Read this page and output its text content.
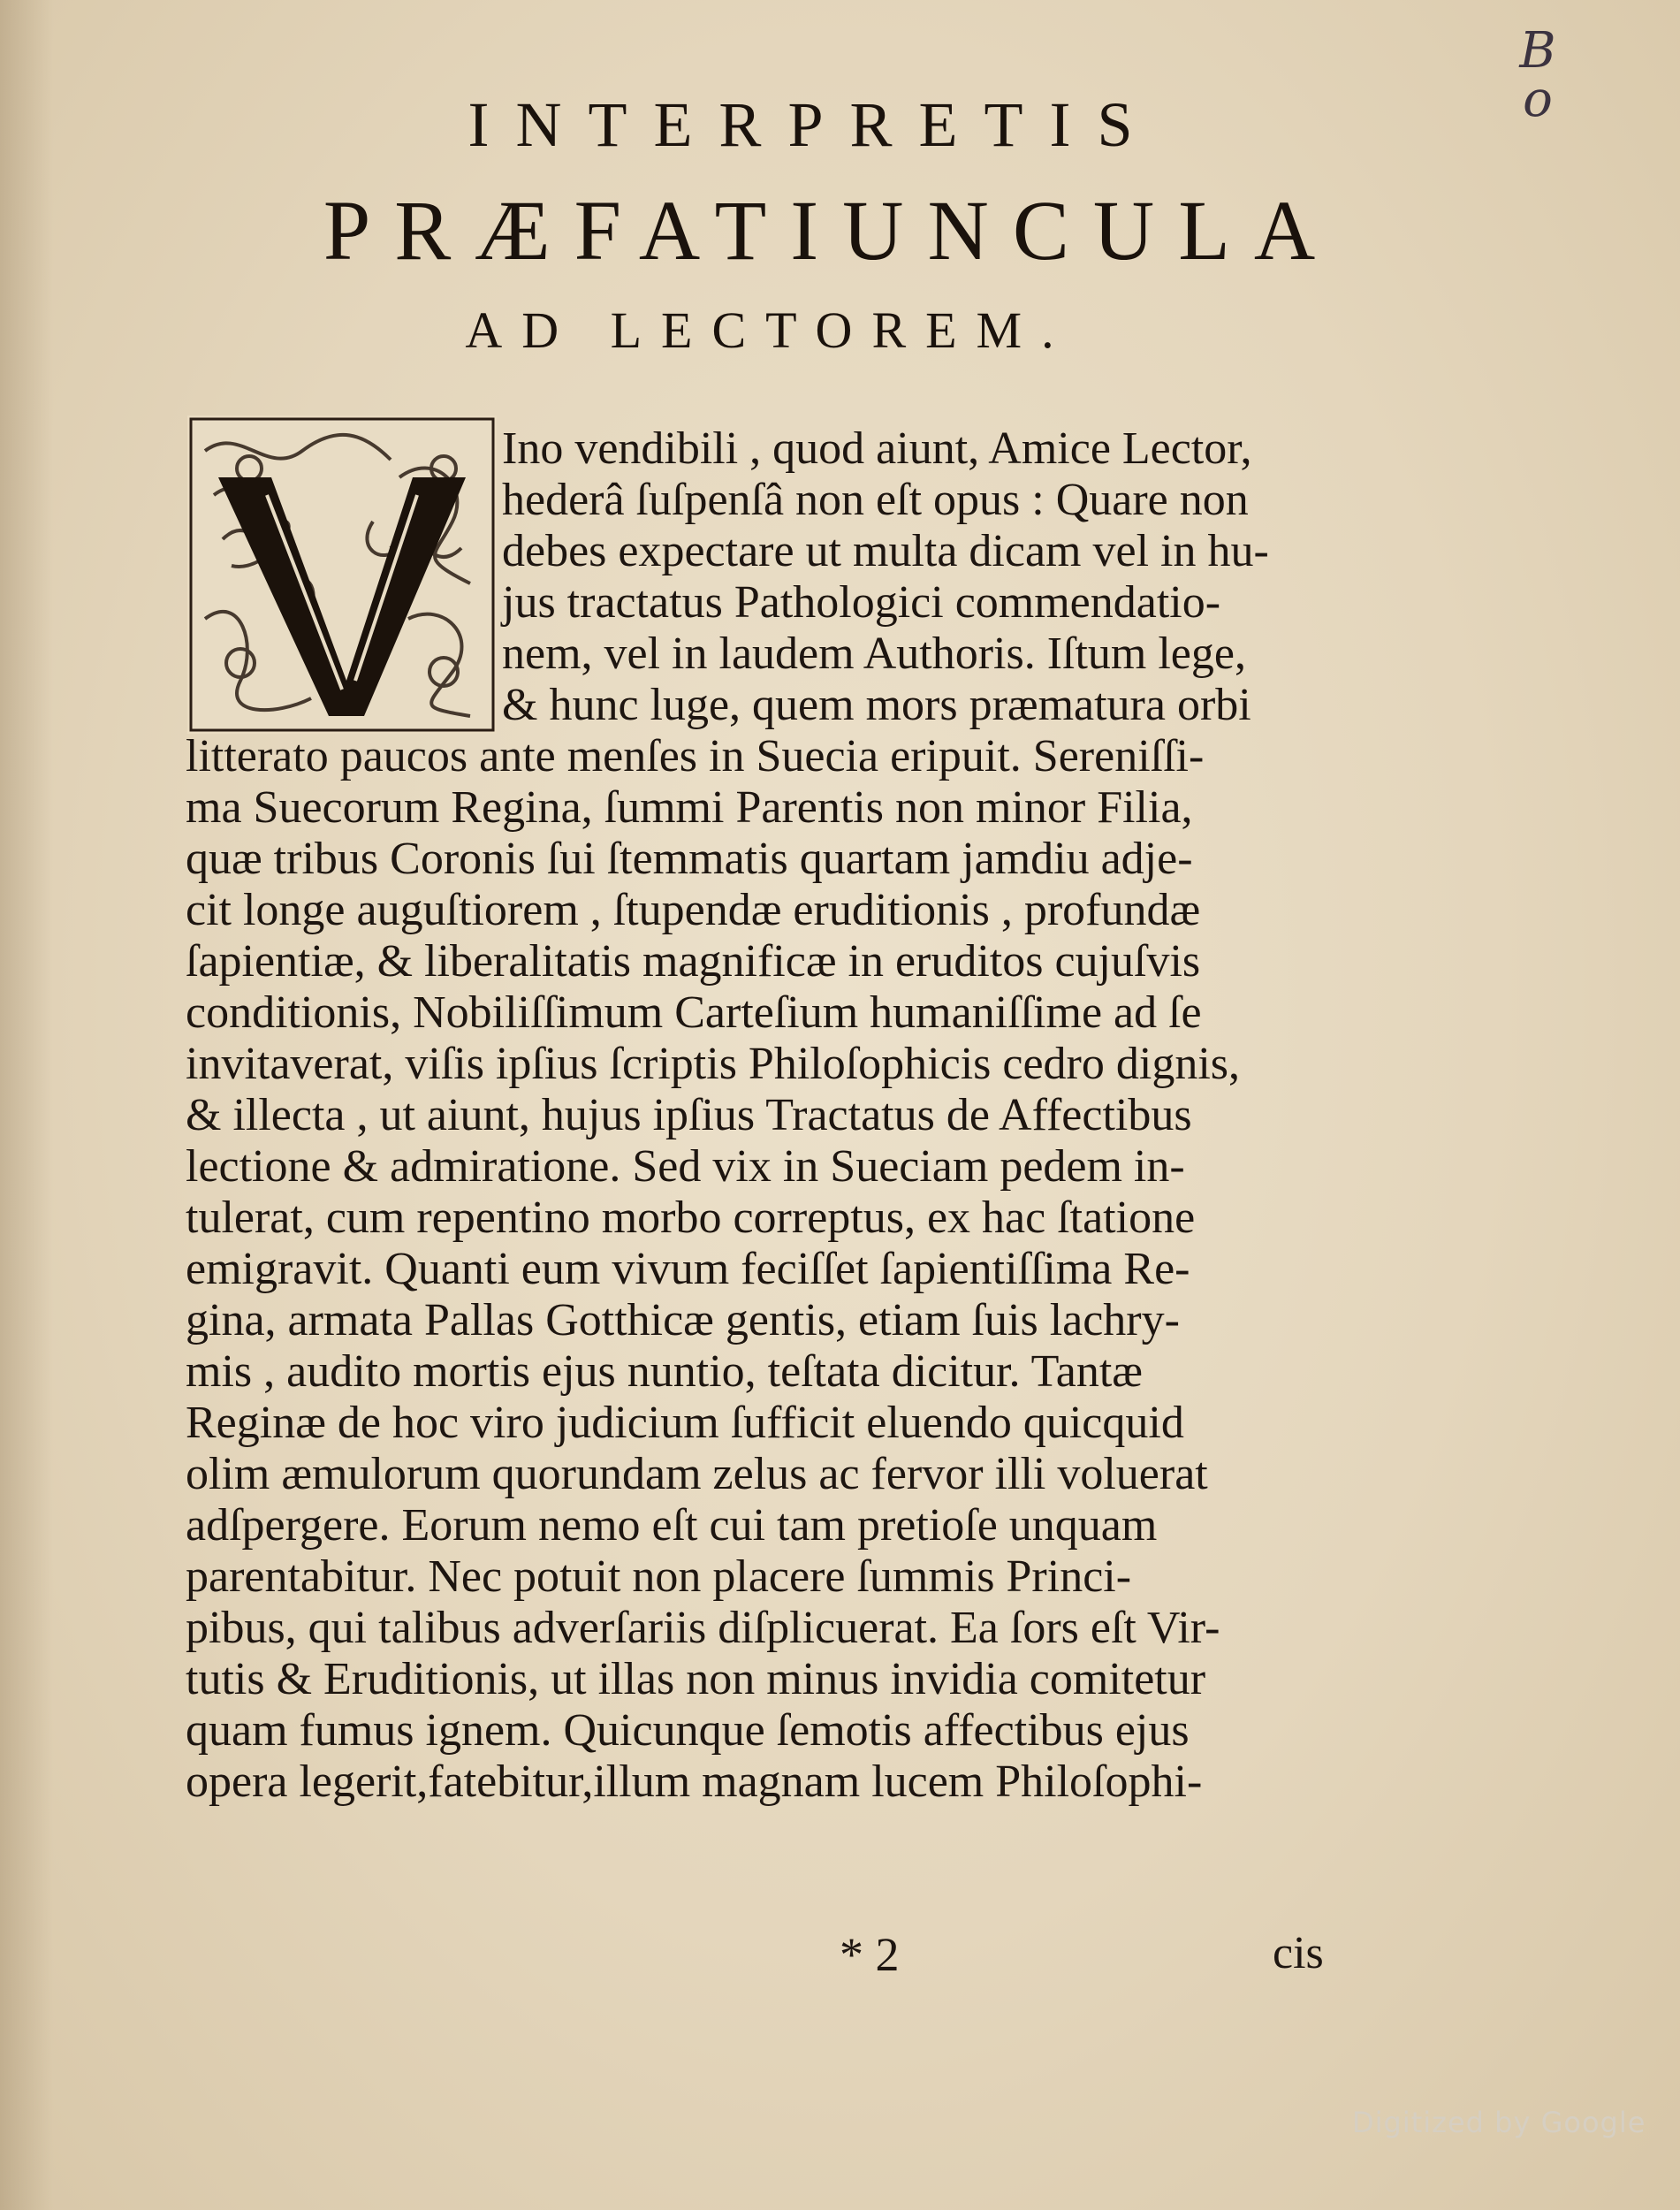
INTERPRETIS
PRÆFATIUNCULA
AD LECTOREM.
B
o
Ino vendibili , quod aiunt, Amice Lector,
hederâ ſuſpenſâ non eſt opus : Quare non
debes expectare ut multa dicam vel in hu-
jus tractatus Pathologici commendatio-
nem, vel in laudem Authoris. Iſtum lege,
& hunc luge, quem mors præmatura orbi
litterato paucos ante menſes in Suecia eripuit. Sereniſſi-
ma Suecorum Regina, ſummi Parentis non minor Filia,
quæ tribus Coronis ſui ſtemmatis quartam jamdiu adje-
cit longe auguſtiorem , ſtupendæ eruditionis , profundæ
ſapientiæ, & liberalitatis magnificæ in eruditos cujuſvis
conditionis, Nobiliſſimum Carteſium humaniſſime ad ſe
invitaverat, viſis ipſius ſcriptis Philoſophicis cedro dignis,
& illecta , ut aiunt, hujus ipſius Tractatus de Affectibus
lectione & admiratione. Sed vix in Sueciam pedem in-
tulerat, cum repentino morbo correptus, ex hac ſtatione
emigravit. Quanti eum vivum feciſſet ſapientiſſima Re-
gina, armata Pallas Gotthicæ gentis, etiam ſuis lachry-
mis , audito mortis ejus nuntio, teſtata dicitur. Tantæ
Reginæ de hoc viro judicium ſufficit eluendo quicquid
olim æmulorum quorundam zelus ac fervor illi voluerat
adſpergere. Eorum nemo eſt cui tam pretioſe unquam
parentabitur. Nec potuit non placere ſummis Princi-
pibus, qui talibus adverſariis diſplicuerat. Ea ſors eſt Vir-
tutis & Eruditionis, ut illas non minus invidia comitetur
quam fumus ignem. Quicunque ſemotis affectibus ejus
opera legerit,fatebitur,illum magnam lucem Philoſophi-
* 2	cis
Digitized by Google
